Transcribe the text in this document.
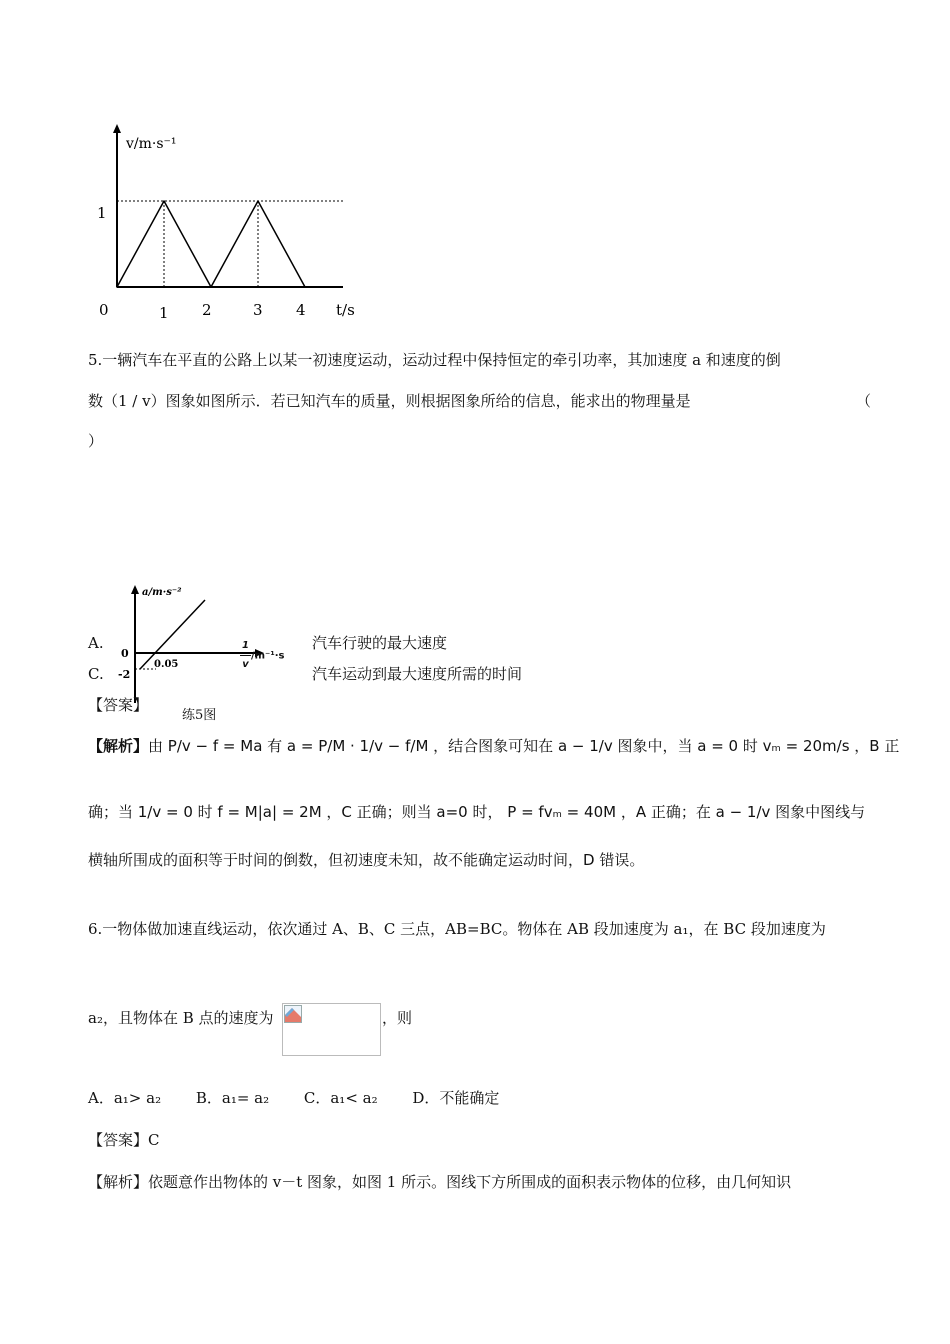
v/m·s⁻¹
1
0	1 2	3 4 t/s
5.一辆汽车在平直的公路上以某一初速度运动，运动过程中保持恒定的牵引功率，其加速度 a 和速度的倒
数（1 / v）图象如图所示．若已知汽车的质量，则根据图象所给的信息，能求出的物理量是	（
）
a/m·s⁻²
0
0.05
-2
$\frac{1}{v} /m^{-1}\cdot s$
练5图
A.
C.
汽车行驶的最大速度
汽车运动到最大速度所需的时间
【答案】
【解析】由 P/v − f = Ma 有 a = P/M · 1/v − f/M ，结合图象可知在 a − 1/v 图象中，当 a = 0 时 vₘ = 20m/s ，B 正
确；当 1/v = 0 时 f = M|a| = 2M ，C 正确；则当 a=0 时， P = fvₘ = 40M ，A 正确；在 a − 1/v 图象中图线与
横轴所围成的面积等于时间的倒数，但初速度未知，故不能确定运动时间，D 错误。
6.一物体做加速直线运动，依次通过 A、B、C 三点，AB=BC。物体在 AB 段加速度为 a₁，在 BC 段加速度为
a₂，且物体在 B 点的速度为	，则
A．a₁> a₂　　 B．a₁= a₂　　 C．a₁< a₂　　 D．不能确定
【答案】C
【解析】依题意作出物体的 v－t 图象，如图 1 所示。图线下方所围成的面积表示物体的位移，由几何知识
